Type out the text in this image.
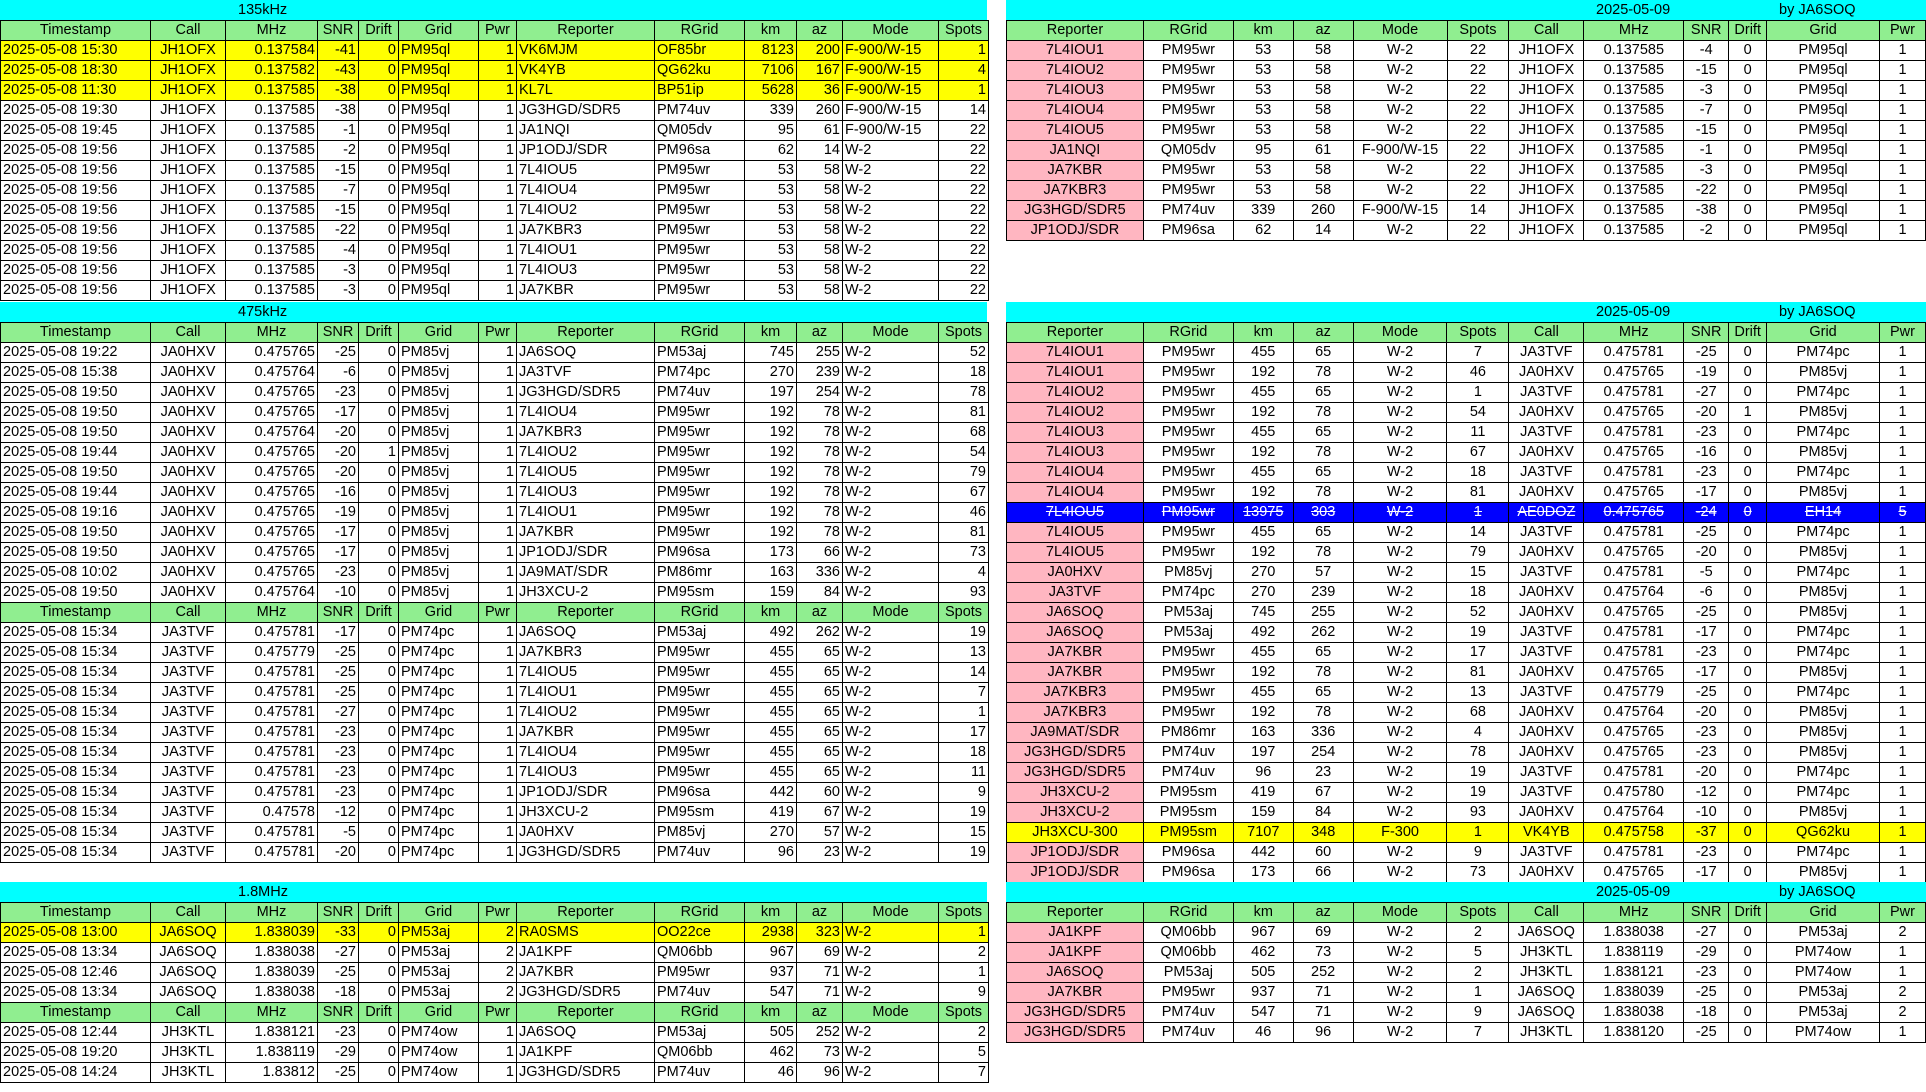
135kHz	2025-05-09	by JA6SOQ
Timestamp	Call	MHz	SNR	Drift	Grid	Pwr	Reporter	RGrid	km	az	Mode	Spots
2025-05-08 15:30	JH1OFX	0.137584	-41	0	PM95ql	1	VK6MJM	OF85br	8123	200	F-900/W-15	1
2025-05-08 18:30	JH1OFX	0.137582	-43	0	PM95ql	1	VK4YB	QG62ku	7106	167	F-900/W-15	4
2025-05-08 11:30	JH1OFX	0.137585	-38	0	PM95ql	1	KL7L	BP51ip	5628	36	F-900/W-15	1
2025-05-08 19:30	JH1OFX	0.137585	-38	0	PM95ql	1	JG3HGD/SDR5	PM74uv	339	260	F-900/W-15	14
2025-05-08 19:45	JH1OFX	0.137585	-1	0	PM95ql	1	JA1NQI	QM05dv	95	61	F-900/W-15	22
2025-05-08 19:56	JH1OFX	0.137585	-2	0	PM95ql	1	JP1ODJ/SDR	PM96sa	62	14	W-2	22
2025-05-08 19:56	JH1OFX	0.137585	-15	0	PM95ql	1	7L4IOU5	PM95wr	53	58	W-2	22
2025-05-08 19:56	JH1OFX	0.137585	-7	0	PM95ql	1	7L4IOU4	PM95wr	53	58	W-2	22
2025-05-08 19:56	JH1OFX	0.137585	-15	0	PM95ql	1	7L4IOU2	PM95wr	53	58	W-2	22
2025-05-08 19:56	JH1OFX	0.137585	-22	0	PM95ql	1	JA7KBR3	PM95wr	53	58	W-2	22
2025-05-08 19:56	JH1OFX	0.137585	-4	0	PM95ql	1	7L4IOU1	PM95wr	53	58	W-2	22
2025-05-08 19:56	JH1OFX	0.137585	-3	0	PM95ql	1	7L4IOU3	PM95wr	53	58	W-2	22
2025-05-08 19:56	JH1OFX	0.137585	-3	0	PM95ql	1	JA7KBR	PM95wr	53	58	W-2	22
Reporter	RGrid	km	az	Mode	Spots	Call	MHz	SNR	Drift	Grid	Pwr
7L4IOU1	PM95wr	53	58	W-2	22	JH1OFX	0.137585	-4	0	PM95ql	1
7L4IOU2	PM95wr	53	58	W-2	22	JH1OFX	0.137585	-15	0	PM95ql	1
7L4IOU3	PM95wr	53	58	W-2	22	JH1OFX	0.137585	-3	0	PM95ql	1
7L4IOU4	PM95wr	53	58	W-2	22	JH1OFX	0.137585	-7	0	PM95ql	1
7L4IOU5	PM95wr	53	58	W-2	22	JH1OFX	0.137585	-15	0	PM95ql	1
JA1NQI	QM05dv	95	61	F-900/W-15	22	JH1OFX	0.137585	-1	0	PM95ql	1
JA7KBR	PM95wr	53	58	W-2	22	JH1OFX	0.137585	-3	0	PM95ql	1
JA7KBR3	PM95wr	53	58	W-2	22	JH1OFX	0.137585	-22	0	PM95ql	1
JG3HGD/SDR5	PM74uv	339	260	F-900/W-15	14	JH1OFX	0.137585	-38	0	PM95ql	1
JP1ODJ/SDR	PM96sa	62	14	W-2	22	JH1OFX	0.137585	-2	0	PM95ql	1
475kHz	2025-05-09	by JA6SOQ
Timestamp	Call	MHz	SNR	Drift	Grid	Pwr	Reporter	RGrid	km	az	Mode	Spots
2025-05-08 19:22	JA0HXV	0.475765	-25	0	PM85vj	1	JA6SOQ	PM53aj	745	255	W-2	52
2025-05-08 15:38	JA0HXV	0.475764	-6	0	PM85vj	1	JA3TVF	PM74pc	270	239	W-2	18
2025-05-08 19:50	JA0HXV	0.475765	-23	0	PM85vj	1	JG3HGD/SDR5	PM74uv	197	254	W-2	78
2025-05-08 19:50	JA0HXV	0.475765	-17	0	PM85vj	1	7L4IOU4	PM95wr	192	78	W-2	81
2025-05-08 19:50	JA0HXV	0.475764	-20	0	PM85vj	1	JA7KBR3	PM95wr	192	78	W-2	68
2025-05-08 19:44	JA0HXV	0.475765	-20	1	PM85vj	1	7L4IOU2	PM95wr	192	78	W-2	54
2025-05-08 19:50	JA0HXV	0.475765	-20	0	PM85vj	1	7L4IOU5	PM95wr	192	78	W-2	79
2025-05-08 19:44	JA0HXV	0.475765	-16	0	PM85vj	1	7L4IOU3	PM95wr	192	78	W-2	67
2025-05-08 19:16	JA0HXV	0.475765	-19	0	PM85vj	1	7L4IOU1	PM95wr	192	78	W-2	46
2025-05-08 19:50	JA0HXV	0.475765	-17	0	PM85vj	1	JA7KBR	PM95wr	192	78	W-2	81
2025-05-08 19:50	JA0HXV	0.475765	-17	0	PM85vj	1	JP1ODJ/SDR	PM96sa	173	66	W-2	73
2025-05-08 10:02	JA0HXV	0.475765	-23	0	PM85vj	1	JA9MAT/SDR	PM86mr	163	336	W-2	4
2025-05-08 19:50	JA0HXV	0.475764	-10	0	PM85vj	1	JH3XCU-2	PM95sm	159	84	W-2	93
Timestamp	Call	MHz	SNR	Drift	Grid	Pwr	Reporter	RGrid	km	az	Mode	Spots
2025-05-08 15:34	JA3TVF	0.475781	-17	0	PM74pc	1	JA6SOQ	PM53aj	492	262	W-2	19
2025-05-08 15:34	JA3TVF	0.475779	-25	0	PM74pc	1	JA7KBR3	PM95wr	455	65	W-2	13
2025-05-08 15:34	JA3TVF	0.475781	-25	0	PM74pc	1	7L4IOU5	PM95wr	455	65	W-2	14
2025-05-08 15:34	JA3TVF	0.475781	-25	0	PM74pc	1	7L4IOU1	PM95wr	455	65	W-2	7
2025-05-08 15:34	JA3TVF	0.475781	-27	0	PM74pc	1	7L4IOU2	PM95wr	455	65	W-2	1
2025-05-08 15:34	JA3TVF	0.475781	-23	0	PM74pc	1	JA7KBR	PM95wr	455	65	W-2	17
2025-05-08 15:34	JA3TVF	0.475781	-23	0	PM74pc	1	7L4IOU4	PM95wr	455	65	W-2	18
2025-05-08 15:34	JA3TVF	0.475781	-23	0	PM74pc	1	7L4IOU3	PM95wr	455	65	W-2	11
2025-05-08 15:34	JA3TVF	0.475781	-23	0	PM74pc	1	JP1ODJ/SDR	PM96sa	442	60	W-2	9
2025-05-08 15:34	JA3TVF	0.47578	-12	0	PM74pc	1	JH3XCU-2	PM95sm	419	67	W-2	19
2025-05-08 15:34	JA3TVF	0.475781	-5	0	PM74pc	1	JA0HXV	PM85vj	270	57	W-2	15
2025-05-08 15:34	JA3TVF	0.475781	-20	0	PM74pc	1	JG3HGD/SDR5	PM74uv	96	23	W-2	19
Reporter	RGrid	km	az	Mode	Spots	Call	MHz	SNR	Drift	Grid	Pwr
7L4IOU1	PM95wr	455	65	W-2	7	JA3TVF	0.475781	-25	0	PM74pc	1
7L4IOU1	PM95wr	192	78	W-2	46	JA0HXV	0.475765	-19	0	PM85vj	1
7L4IOU2	PM95wr	455	65	W-2	1	JA3TVF	0.475781	-27	0	PM74pc	1
7L4IOU2	PM95wr	192	78	W-2	54	JA0HXV	0.475765	-20	1	PM85vj	1
7L4IOU3	PM95wr	455	65	W-2	11	JA3TVF	0.475781	-23	0	PM74pc	1
7L4IOU3	PM95wr	192	78	W-2	67	JA0HXV	0.475765	-16	0	PM85vj	1
7L4IOU4	PM95wr	455	65	W-2	18	JA3TVF	0.475781	-23	0	PM74pc	1
7L4IOU4	PM95wr	192	78	W-2	81	JA0HXV	0.475765	-17	0	PM85vj	1
7L4IOU5	PM95wr	13975	303	W-2	1	AE0DOZ	0.475765	-24	0	EH14	5
7L4IOU5	PM95wr	455	65	W-2	14	JA3TVF	0.475781	-25	0	PM74pc	1
7L4IOU5	PM95wr	192	78	W-2	79	JA0HXV	0.475765	-20	0	PM85vj	1
JA0HXV	PM85vj	270	57	W-2	15	JA3TVF	0.475781	-5	0	PM74pc	1
JA3TVF	PM74pc	270	239	W-2	18	JA0HXV	0.475764	-6	0	PM85vj	1
JA6SOQ	PM53aj	745	255	W-2	52	JA0HXV	0.475765	-25	0	PM85vj	1
JA6SOQ	PM53aj	492	262	W-2	19	JA3TVF	0.475781	-17	0	PM74pc	1
JA7KBR	PM95wr	455	65	W-2	17	JA3TVF	0.475781	-23	0	PM74pc	1
JA7KBR	PM95wr	192	78	W-2	81	JA0HXV	0.475765	-17	0	PM85vj	1
JA7KBR3	PM95wr	455	65	W-2	13	JA3TVF	0.475779	-25	0	PM74pc	1
JA7KBR3	PM95wr	192	78	W-2	68	JA0HXV	0.475764	-20	0	PM85vj	1
JA9MAT/SDR	PM86mr	163	336	W-2	4	JA0HXV	0.475765	-23	0	PM85vj	1
JG3HGD/SDR5	PM74uv	197	254	W-2	78	JA0HXV	0.475765	-23	0	PM85vj	1
JG3HGD/SDR5	PM74uv	96	23	W-2	19	JA3TVF	0.475781	-20	0	PM74pc	1
JH3XCU-2	PM95sm	419	67	W-2	19	JA3TVF	0.475780	-12	0	PM74pc	1
JH3XCU-2	PM95sm	159	84	W-2	93	JA0HXV	0.475764	-10	0	PM85vj	1
JH3XCU-300	PM95sm	7107	348	F-300	1	VK4YB	0.475758	-37	0	QG62ku	1
JP1ODJ/SDR	PM96sa	442	60	W-2	9	JA3TVF	0.475781	-23	0	PM74pc	1
JP1ODJ/SDR	PM96sa	173	66	W-2	73	JA0HXV	0.475765	-17	0	PM85vj	1
1.8MHz	2025-05-09	by JA6SOQ
Timestamp	Call	MHz	SNR	Drift	Grid	Pwr	Reporter	RGrid	km	az	Mode	Spots
2025-05-08 13:00	JA6SOQ	1.838039	-33	0	PM53aj	2	RA0SMS	OO22ce	2938	323	W-2	1
2025-05-08 13:34	JA6SOQ	1.838038	-27	0	PM53aj	2	JA1KPF	QM06bb	967	69	W-2	2
2025-05-08 12:46	JA6SOQ	1.838039	-25	0	PM53aj	2	JA7KBR	PM95wr	937	71	W-2	1
2025-05-08 13:34	JA6SOQ	1.838038	-18	0	PM53aj	2	JG3HGD/SDR5	PM74uv	547	71	W-2	9
Timestamp	Call	MHz	SNR	Drift	Grid	Pwr	Reporter	RGrid	km	az	Mode	Spots
2025-05-08 12:44	JH3KTL	1.838121	-23	0	PM74ow	1	JA6SOQ	PM53aj	505	252	W-2	2
2025-05-08 19:20	JH3KTL	1.838119	-29	0	PM74ow	1	JA1KPF	QM06bb	462	73	W-2	5
2025-05-08 14:24	JH3KTL	1.83812	-25	0	PM74ow	1	JG3HGD/SDR5	PM74uv	46	96	W-2	7
Reporter	RGrid	km	az	Mode	Spots	Call	MHz	SNR	Drift	Grid	Pwr
JA1KPF	QM06bb	967	69	W-2	2	JA6SOQ	1.838038	-27	0	PM53aj	2
JA1KPF	QM06bb	462	73	W-2	5	JH3KTL	1.838119	-29	0	PM74ow	1
JA6SOQ	PM53aj	505	252	W-2	2	JH3KTL	1.838121	-23	0	PM74ow	1
JA7KBR	PM95wr	937	71	W-2	1	JA6SOQ	1.838039	-25	0	PM53aj	2
JG3HGD/SDR5	PM74uv	547	71	W-2	9	JA6SOQ	1.838038	-18	0	PM53aj	2
JG3HGD/SDR5	PM74uv	46	96	W-2	7	JH3KTL	1.838120	-25	0	PM74ow	1
